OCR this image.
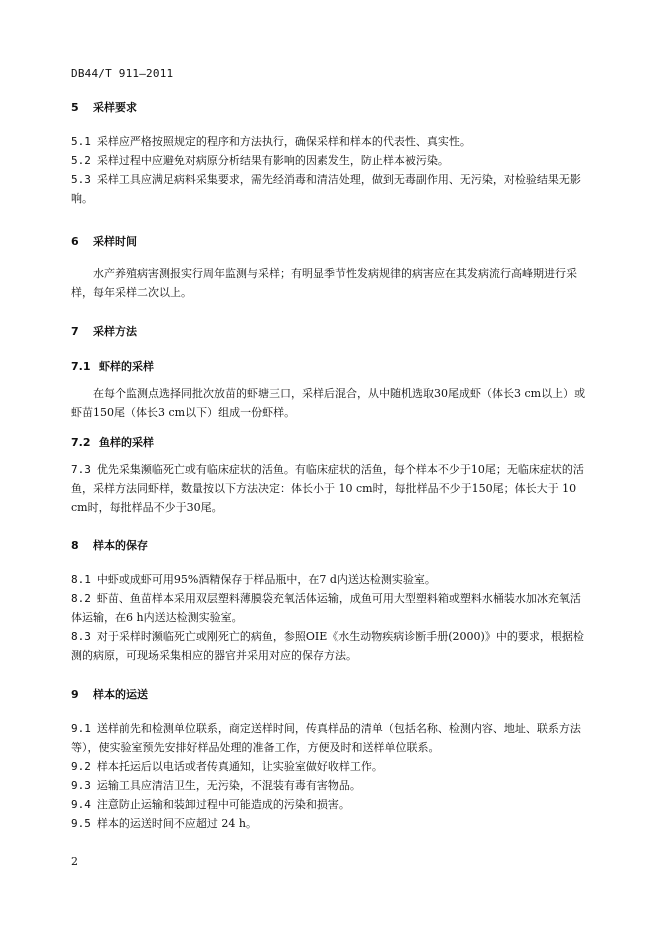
DB44/T 911—2011
5 采样要求
5.1 采样应严格按照规定的程序和方法执行，确保采样和样本的代表性、真实性。
5.2 采样过程中应避免对病原分析结果有影响的因素发生，防止样本被污染。
5.3 采样工具应满足病料采集要求，需先经消毒和清洁处理，做到无毒副作用、无污染，对检验结果无影响。
6 采样时间
水产养殖病害测报实行周年监测与采样；有明显季节性发病规律的病害应在其发病流行高峰期进行采样，每年采样二次以上。
7 采样方法
7.1 虾样的采样
在每个监测点选择同批次放苗的虾塘三口，采样后混合，从中随机选取30尾成虾（体长3 cm以上）或虾苗150尾（体长3 cm以下）组成一份虾样。
7.2 鱼样的采样
7.3 优先采集濒临死亡或有临床症状的活鱼。有临床症状的活鱼，每个样本不少于10尾；无临床症状的活鱼，采样方法同虾样，数量按以下方法决定：体长小于 10 cm时，每批样品不少于150尾；体长大于 10 cm时，每批样品不少于30尾。
8 样本的保存
8.1 中虾或成虾可用95%酒精保存于样品瓶中，在7 d内送达检测实验室。
8.2 虾苗、鱼苗样本采用双层塑料薄膜袋充氧活体运输，成鱼可用大型塑料箱或塑料水桶装水加冰充氧活体运输，在6 h内送达检测实验室。
8.3 对于采样时濒临死亡或刚死亡的病鱼，参照OIE《水生动物疾病诊断手册(2000)》中的要求，根据检测的病原，可现场采集相应的器官并采用对应的保存方法。
9 样本的运送
9.1 送样前先和检测单位联系，商定送样时间，传真样品的清单（包括名称、检测内容、地址、联系方法等），使实验室预先安排好样品处理的准备工作，方便及时和送样单位联系。
9.2 样本托运后以电话或者传真通知，让实验室做好收样工作。
9.3 运输工具应清洁卫生，无污染，不混装有毒有害物品。
9.4 注意防止运输和装卸过程中可能造成的污染和损害。
9.5 样本的运送时间不应超过 24 h。
2
